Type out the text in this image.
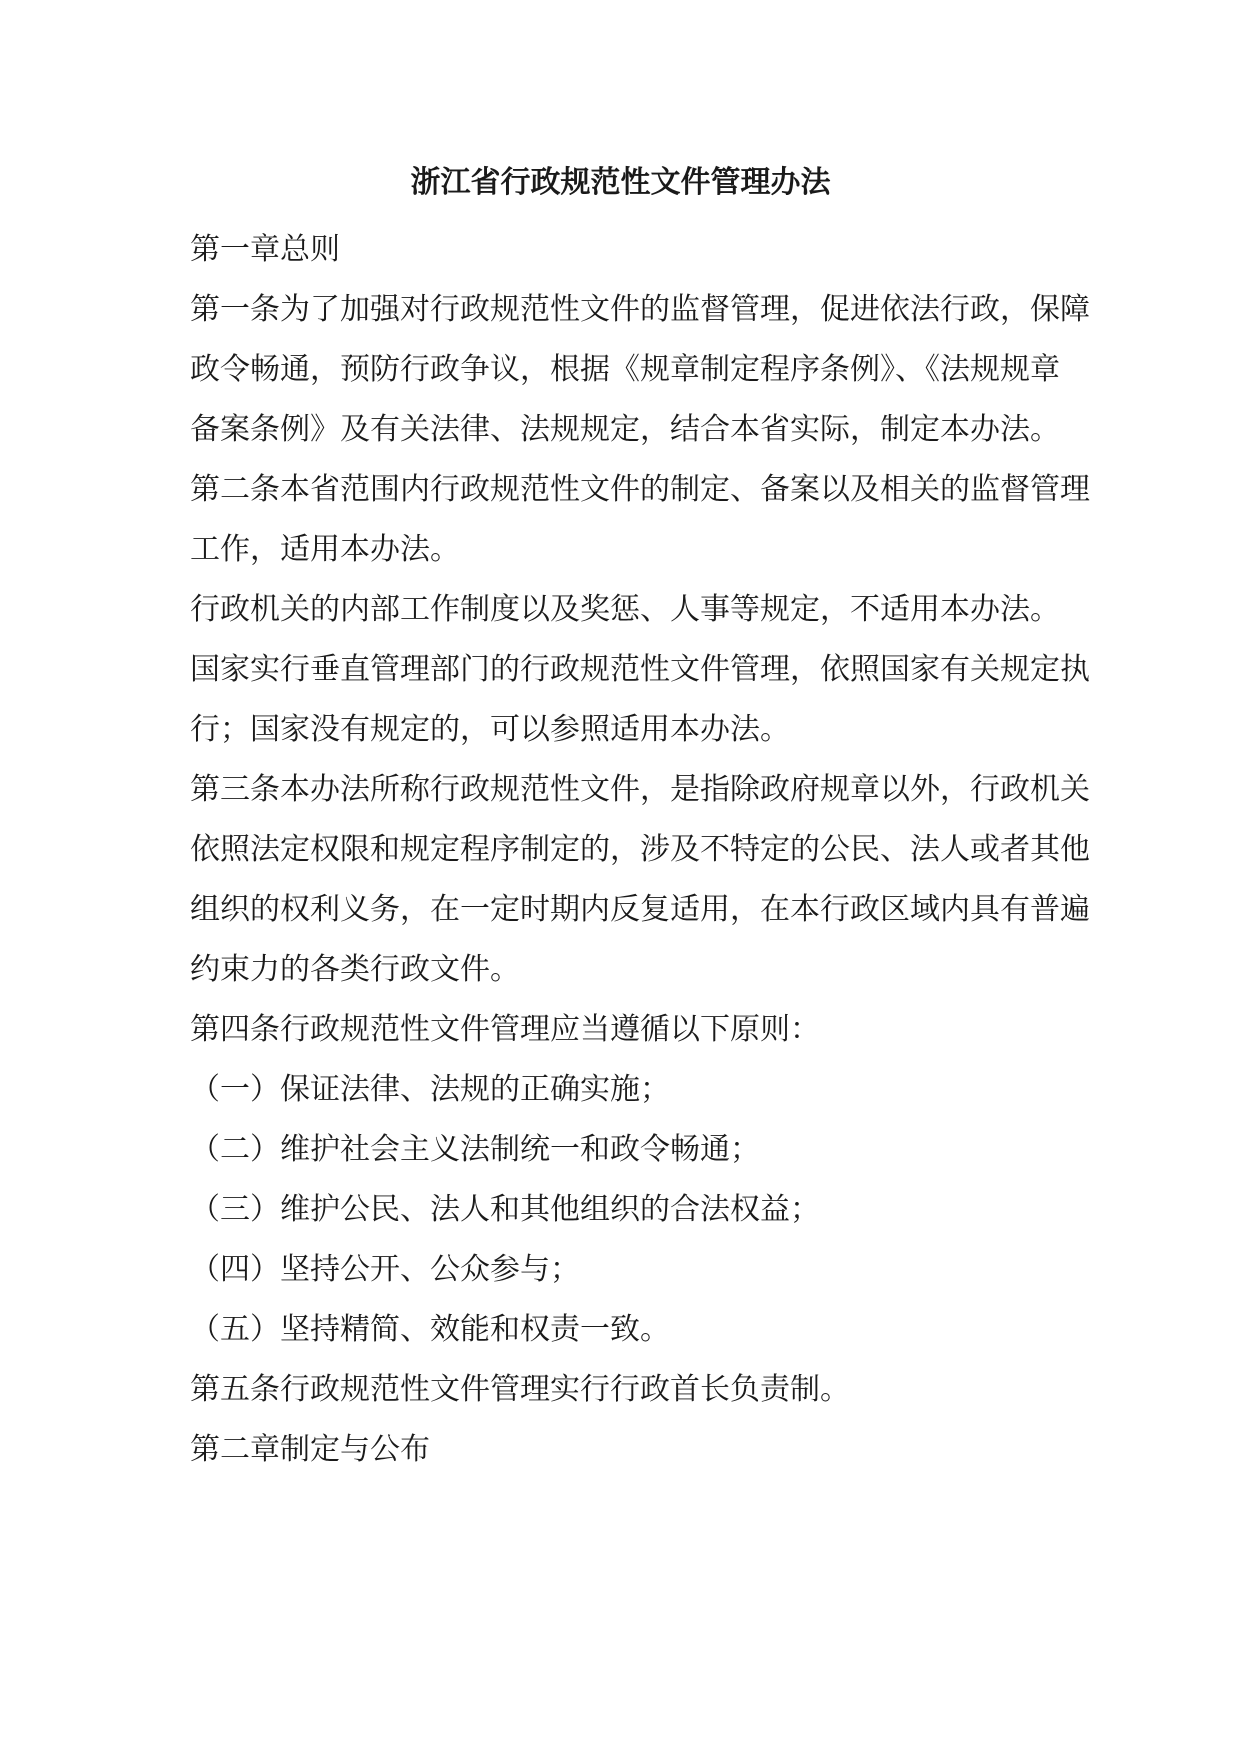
浙江省行政规范性文件管理办法
第一章总则
第一条为了加强对行政规范性文件的监督管理，促进依法行政，保障
政令畅通，预防行政争议，根据《规章制定程序条例》、《法规规章
备案条例》及有关法律、法规规定，结合本省实际，制定本办法。
第二条本省范围内行政规范性文件的制定、备案以及相关的监督管理
工作，适用本办法。
行政机关的内部工作制度以及奖惩、人事等规定，不适用本办法。
国家实行垂直管理部门的行政规范性文件管理，依照国家有关规定执
行；国家没有规定的，可以参照适用本办法。
第三条本办法所称行政规范性文件，是指除政府规章以外，行政机关
依照法定权限和规定程序制定的，涉及不特定的公民、法人或者其他
组织的权利义务，在一定时期内反复适用，在本行政区域内具有普遍
约束力的各类行政文件。
第四条行政规范性文件管理应当遵循以下原则：
（一）保证法律、法规的正确实施；
（二）维护社会主义法制统一和政令畅通；
（三）维护公民、法人和其他组织的合法权益；
（四）坚持公开、公众参与；
（五）坚持精简、效能和权责一致。
第五条行政规范性文件管理实行行政首长负责制。
第二章制定与公布
